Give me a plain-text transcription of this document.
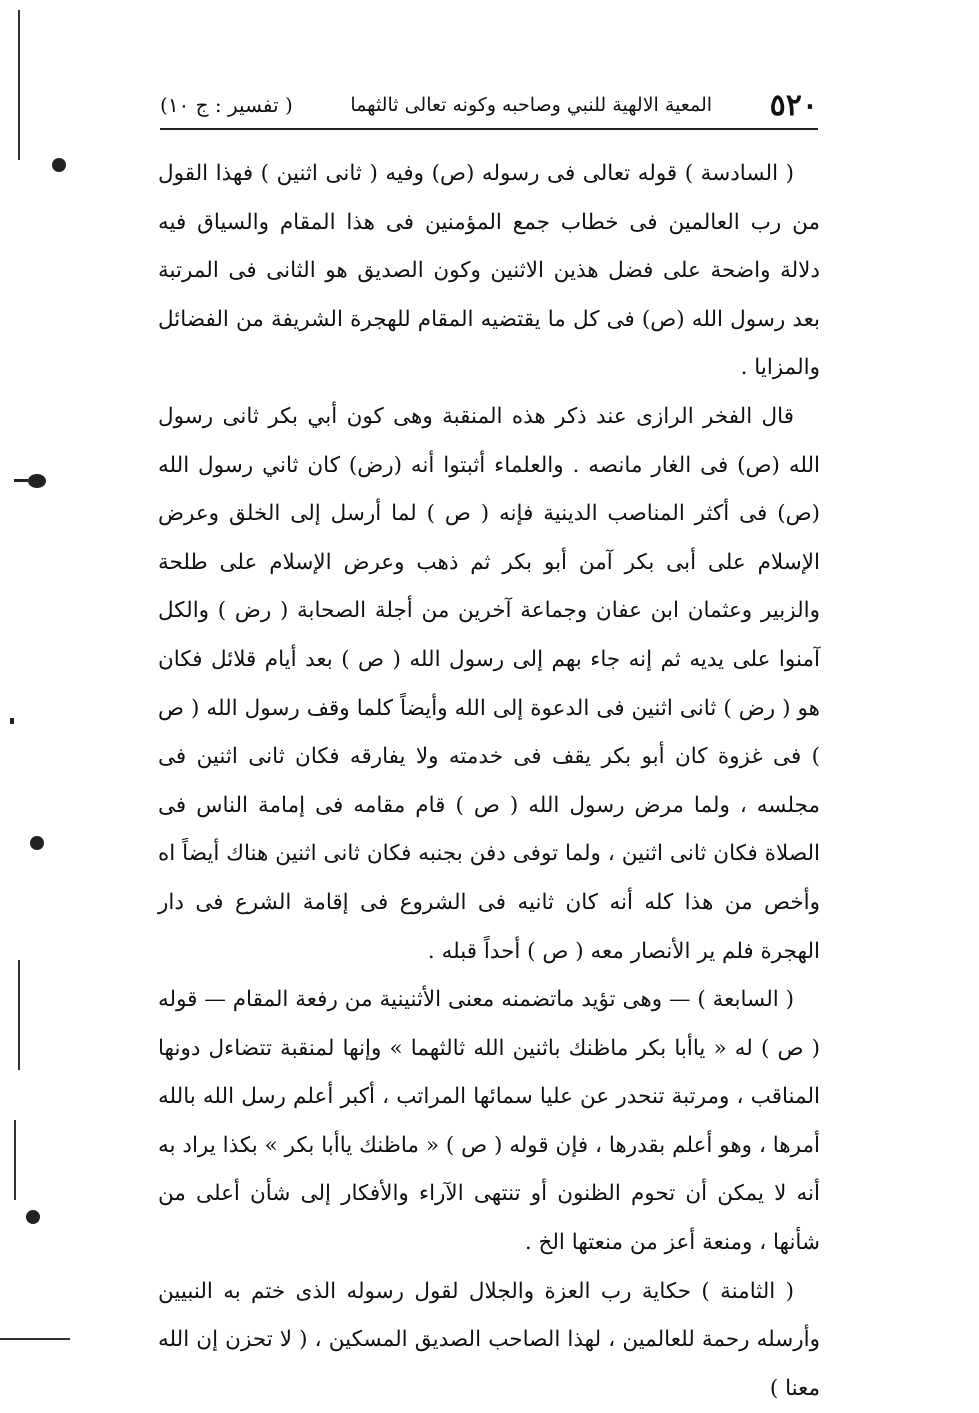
٥٢٠
المعية الالهية للنبي وصاحبه وكونه تعالى ثالثهما
( تفسير : ج ١٠)

( السادسة ) قوله تعالى فى رسوله (ص) وفيه ( ثانى اثنين ) فهذا القول من رب العالمين فى خطاب جمع المؤمنين فى هذا المقام والسياق فيه دلالة واضحة على فضل هذين الاثنين وكون الصديق هو الثانى فى المرتبة بعد رسول الله (ص) فى كل ما يقتضيه المقام للهجرة الشريفة من الفضائل والمزايا .

قال الفخر الرازى عند ذكر هذه المنقبة وهى كون أبي بكر ثانى رسول الله (ص) فى الغار مانصه . والعلماء أثبتوا أنه (رض) كان ثاني رسول الله (ص) فى أكثر المناصب الدينية فإنه ( ص ) لما أرسل إلى الخلق وعرض الإسلام على أبى بكر آمن أبو بكر ثم ذهب وعرض الإسلام على طلحة والزبير وعثمان ابن عفان وجماعة آخرين من أجلة الصحابة ( رض ) والكل آمنوا على يديه ثم إنه جاء بهم إلى رسول الله ( ص ) بعد أيام قلائل فكان هو ( رض ) ثانى اثنين فى الدعوة إلى الله وأيضاً كلما وقف رسول الله ( ص ) فى غزوة كان أبو بكر يقف فى خدمته ولا يفارقه فكان ثانى اثنين فى مجلسه ، ولما مرض رسول الله ( ص ) قام مقامه فى إمامة الناس فى الصلاة فكان ثانى اثنين ، ولما توفى دفن بجنبه فكان ثانى اثنين هناك أيضاً اه وأخص من هذا كله أنه كان ثانيه فى الشروع فى إقامة الشرع فى دار الهجرة فلم ير الأنصار معه ( ص ) أحداً قبله .

( السابعة ) — وهى تؤيد ماتضمنه معنى الأثنينية من رفعة المقام — قوله ( ص ) له « ياأبا بكر ماظنك باثنين الله ثالثهما » وإنها لمنقبة تتضاءل دونها المناقب ، ومرتبة تنحدر عن عليا سمائها المراتب ، أكبر أعلم رسل الله بالله أمرها ، وهو أعلم بقدرها ، فإن قوله ( ص ) « ماظنك ياأبا بكر » بكذا يراد به أنه لا يمكن أن تحوم الظنون أو تنتهى الآراء والأفكار إلى شأن أعلى من شأنها ، ومنعة أعز من منعتها الخ .

( الثامنة ) حكاية رب العزة والجلال لقول رسوله الذى ختم به النبيين وأرسله رحمة للعالمين ، لهذا الصاحب الصديق المسكين ، ( لا تحزن إن الله معنا )
